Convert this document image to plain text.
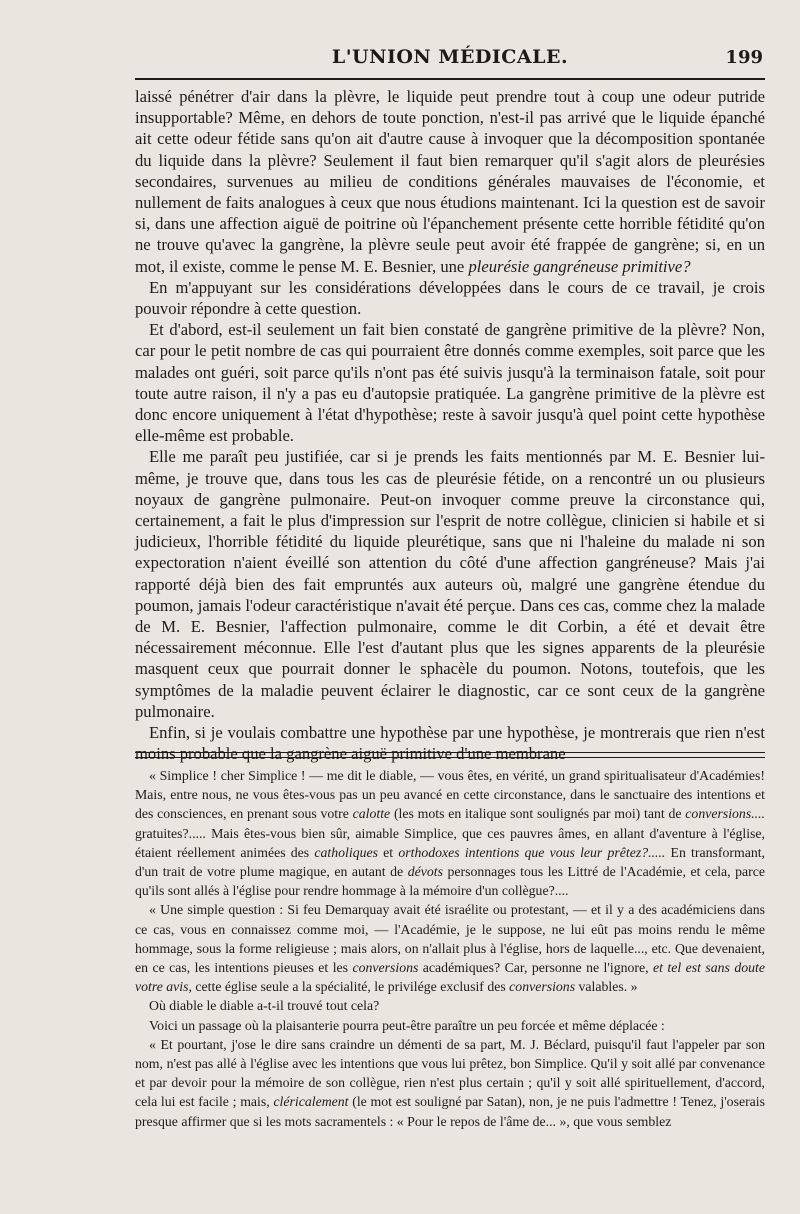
L'UNION MÉDICALE.	199

laissé pénétrer d'air dans la plèvre, le liquide peut prendre tout à coup une odeur putride insupportable? Même, en dehors de toute ponction, n'est-il pas arrivé que le liquide épanché ait cette odeur fétide sans qu'on ait d'autre cause à invoquer que la décomposition spontanée du liquide dans la plèvre? Seulement il faut bien remarquer qu'il s'agit alors de pleurésies secondaires, survenues au milieu de conditions générales mauvaises de l'économie, et nullement de faits analogues à ceux que nous étudions maintenant. Ici la question est de savoir si, dans une affection aiguë de poitrine où l'épanchement présente cette horrible fétidité qu'on ne trouve qu'avec la gangrène, la plèvre seule peut avoir été frappée de gangrène; si, en un mot, il existe, comme le pense M. E. Besnier, une pleurésie gangréneuse primitive?

En m'appuyant sur les considérations développées dans le cours de ce travail, je crois pouvoir répondre à cette question.

Et d'abord, est-il seulement un fait bien constaté de gangrène primitive de la plèvre? Non, car pour le petit nombre de cas qui pourraient être donnés comme exemples, soit parce que les malades ont guéri, soit parce qu'ils n'ont pas été suivis jusqu'à la terminaison fatale, soit pour toute autre raison, il n'y a pas eu d'autopsie pratiquée. La gangrène primitive de la plèvre est donc encore uniquement à l'état d'hypothèse; reste à savoir jusqu'à quel point cette hypothèse elle-même est probable.

Elle me paraît peu justifiée, car si je prends les faits mentionnés par M. E. Besnier lui-même, je trouve que, dans tous les cas de pleurésie fétide, on a rencontré un ou plusieurs noyaux de gangrène pulmonaire. Peut-on invoquer comme preuve la circonstance qui, certainement, a fait le plus d'impression sur l'esprit de notre collègue, clinicien si habile et si judicieux, l'horrible fétidité du liquide pleurétique, sans que ni l'haleine du malade ni son expectoration n'aient éveillé son attention du côté d'une affection gangréneuse? Mais j'ai rapporté déjà bien des fait empruntés aux auteurs où, malgré une gangrène étendue du poumon, jamais l'odeur caractéristique n'avait été perçue. Dans ces cas, comme chez la malade de M. E. Besnier, l'affection pulmonaire, comme le dit Corbin, a été et devait être nécessairement méconnue. Elle l'est d'autant plus que les signes apparents de la pleurésie masquent ceux que pourrait donner le sphacèle du poumon. Notons, toutefois, que les symptômes de la maladie peuvent éclairer le diagnostic, car ce sont ceux de la gangrène pulmonaire.

Enfin, si je voulais combattre une hypothèse par une hypothèse, je montrerais que rien n'est moins probable que la gangrène aiguë primitive d'une membrane

« Simplice ! cher Simplice ! — me dit le diable, — vous êtes, en vérité, un grand spiritualisateur d'Académies! Mais, entre nous, ne vous êtes-vous pas un peu avancé en cette circonstance, dans le sanctuaire des intentions et des consciences, en prenant sous votre calotte (les mots en italique sont soulignés par moi) tant de conversions.... gratuites?..... Mais êtes-vous bien sûr, aimable Simplice, que ces pauvres âmes, en allant d'aventure à l'église, étaient réellement animées des catholiques et orthodoxes intentions que vous leur prêtez?..... En transformant, d'un trait de votre plume magique, en autant de dévots personnages tous les Littré de l'Académie, et cela, parce qu'ils sont allés à l'église pour rendre hommage à la mémoire d'un collègue?....

« Une simple question : Si feu Demarquay avait été israélite ou protestant, — et il y a des académiciens dans ce cas, vous en connaissez comme moi, — l'Académie, je le suppose, ne lui eût pas moins rendu le même hommage, sous la forme religieuse ; mais alors, on n'allait plus à l'église, hors de laquelle..., etc. Que devenaient, en ce cas, les intentions pieuses et les conversions académiques? Car, personne ne l'ignore, et tel est sans doute votre avis, cette église seule a la spécialité, le privilége exclusif des conversions valables. »

Où diable le diable a-t-il trouvé tout cela?

Voici un passage où la plaisanterie pourra peut-être paraître un peu forcée et même déplacée :

« Et pourtant, j'ose le dire sans craindre un démenti de sa part, M. J. Béclard, puisqu'il faut l'appeler par son nom, n'est pas allé à l'église avec les intentions que vous lui prêtez, bon Simplice. Qu'il y soit allé par convenance et par devoir pour la mémoire de son collègue, rien n'est plus certain ; qu'il y soit allé spirituellement, d'accord, cela lui est facile ; mais, cléricalement (le mot est souligné par Satan), non, je ne puis l'admettre ! Tenez, j'oserais presque affirmer que si les mots sacramentels : « Pour le repos de l'âme de... », que vous semblez
